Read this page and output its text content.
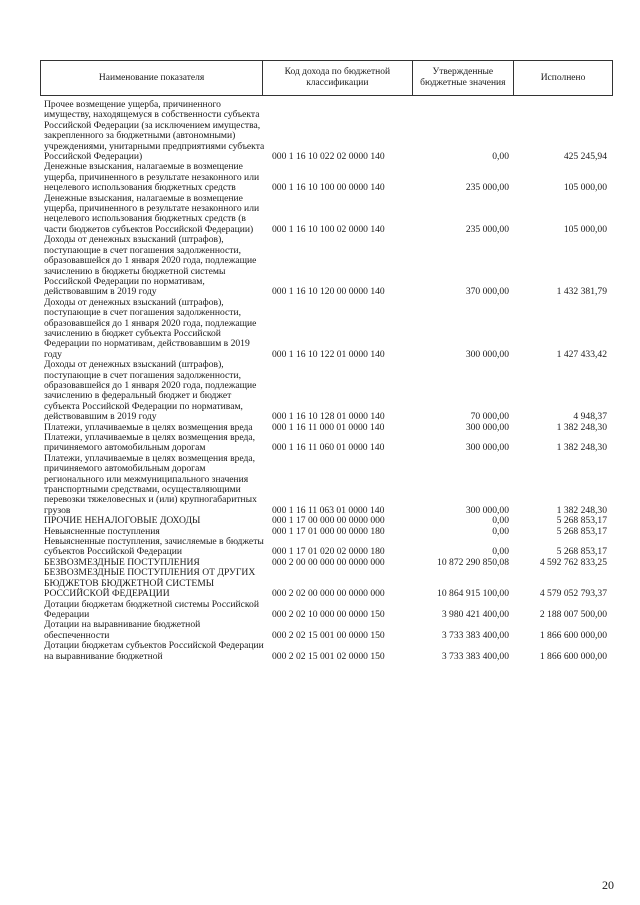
Наименование показателя	Код дохода по бюджетной классификации	Утвержденные бюджетные значения	Исполнено
Прочее возмещение ущерба, причиненного имуществу, находящемуся в собственности субъекта Российской Федерации (за исключением имущества, закрепленного за бюджетными (автономными) учреждениями, унитарными предприятиями субъекта Российской Федерации)	000 1 16 10 022 02 0000 140	0,00	425 245,94
Денежные взыскания, налагаемые в возмещение ущерба, причиненного в результате незаконного или нецелевого использования бюджетных средств	000 1 16 10 100 00 0000 140	235 000,00	105 000,00
Денежные взыскания, налагаемые в возмещение ущерба, причиненного в результате незаконного или нецелевого использования бюджетных средств (в части бюджетов субъектов Российской Федерации)	000 1 16 10 100 02 0000 140	235 000,00	105 000,00
Доходы от денежных взысканий (штрафов), поступающие в счет погашения задолженности, образовавшейся до 1 января 2020 года, подлежащие зачислению в бюджеты бюджетной системы Российской Федерации по нормативам, действовавшим в 2019 году	000 1 16 10 120 00 0000 140	370 000,00	1 432 381,79
Доходы от денежных взысканий (штрафов), поступающие в счет погашения задолженности, образовавшейся до 1 января 2020 года, подлежащие зачислению в бюджет субъекта Российской Федерации по нормативам, действовавшим в 2019 году	000 1 16 10 122 01 0000 140	300 000,00	1 427 433,42
Доходы от денежных взысканий (штрафов), поступающие в счет погашения задолженности, образовавшейся до 1 января 2020 года, подлежащие зачислению в федеральный бюджет и бюджет субъекта Российской Федерации по нормативам, действовавшим в 2019 году	000 1 16 10 128 01 0000 140	70 000,00	4 948,37
Платежи, уплачиваемые в целях возмещения вреда	000 1 16 11 000 01 0000 140	300 000,00	1 382 248,30
Платежи, уплачиваемые в целях возмещения вреда, причиняемого автомобильным дорогам	000 1 16 11 060 01 0000 140	300 000,00	1 382 248,30
Платежи, уплачиваемые в целях возмещения вреда, причиняемого автомобильным дорогам регионального или межмуниципального значения транспортными средствами, осуществляющими перевозки тяжеловесных и (или) крупногабаритных грузов	000 1 16 11 063 01 0000 140	300 000,00	1 382 248,30
ПРОЧИЕ НЕНАЛОГОВЫЕ ДОХОДЫ	000 1 17 00 000 00 0000 000	0,00	5 268 853,17
Невыясненные поступления	000 1 17 01 000 00 0000 180	0,00	5 268 853,17
Невыясненные поступления, зачисляемые в бюджеты субъектов Российской Федерации	000 1 17 01 020 02 0000 180	0,00	5 268 853,17
БЕЗВОЗМЕЗДНЫЕ ПОСТУПЛЕНИЯ	000 2 00 00 000 00 0000 000	10 872 290 850,08	4 592 762 833,25
БЕЗВОЗМЕЗДНЫЕ ПОСТУПЛЕНИЯ ОТ ДРУГИХ БЮДЖЕТОВ БЮДЖЕТНОЙ СИСТЕМЫ РОССИЙСКОЙ ФЕДЕРАЦИИ	000 2 02 00 000 00 0000 000	10 864 915 100,00	4 579 052 793,37
Дотации бюджетам бюджетной системы Российской Федерации	000 2 02 10 000 00 0000 150	3 980 421 400,00	2 188 007 500,00
Дотации на выравнивание бюджетной обеспеченности	000 2 02 15 001 00 0000 150	3 733 383 400,00	1 866 600 000,00
Дотации бюджетам субъектов Российской Федерации на выравнивание бюджетной	000 2 02 15 001 02 0000 150	3 733 383 400,00	1 866 600 000,00
20
